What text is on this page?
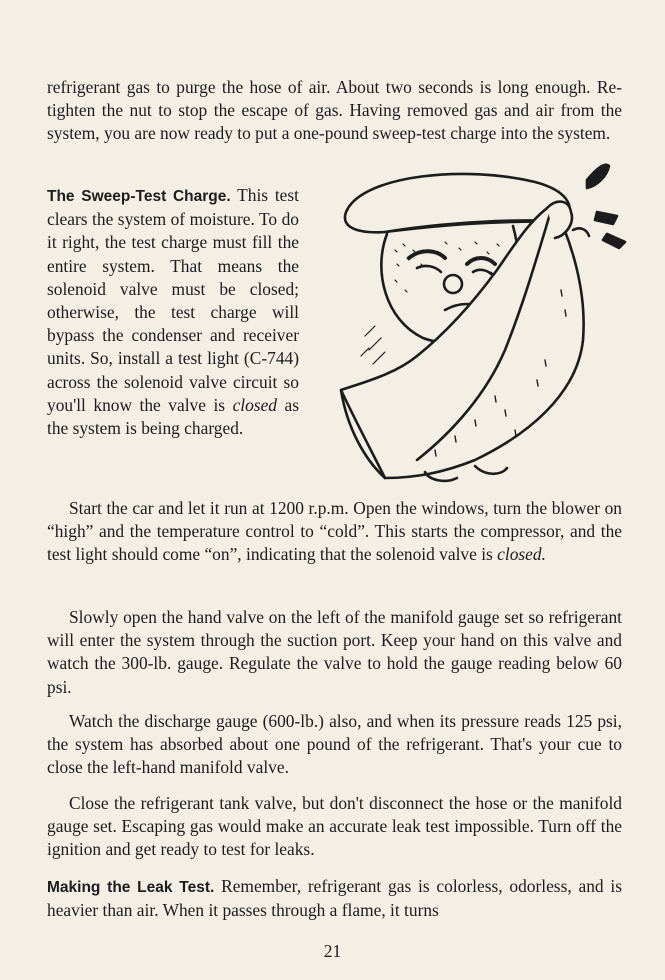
refrigerant gas to purge the hose of air. About two seconds is long enough. Re-tighten the nut to stop the escape of gas. Having removed gas and air from the system, you are now ready to put a one-pound sweep-test charge into the system.

The Sweep-Test Charge. This test clears the system of moisture. To do it right, the test charge must fill the entire system. That means the solenoid valve must be closed; otherwise, the test charge will bypass the condenser and receiver units. So, install a test light (C-744) across the solenoid valve circuit so you'll know the valve is closed as the system is being charged.

Start the car and let it run at 1200 r.p.m. Open the windows, turn the blower on “high” and the temperature control to “cold”. This starts the compressor, and the test light should come “on”, indicating that the solenoid valve is closed.

Slowly open the hand valve on the left of the manifold gauge set so refrigerant will enter the system through the suction port. Keep your hand on this valve and watch the 300-lb. gauge. Regulate the valve to hold the gauge reading below 60 psi.

Watch the discharge gauge (600-lb.) also, and when its pressure reads 125 psi, the system has absorbed about one pound of the refrigerant. That's your cue to close the left-hand manifold valve.

Close the refrigerant tank valve, but don't disconnect the hose or the manifold gauge set. Escaping gas would make an accurate leak test impossible. Turn off the ignition and get ready to test for leaks.

Making the Leak Test. Remember, refrigerant gas is colorless, odorless, and is heavier than air. When it passes through a flame, it turns

21
